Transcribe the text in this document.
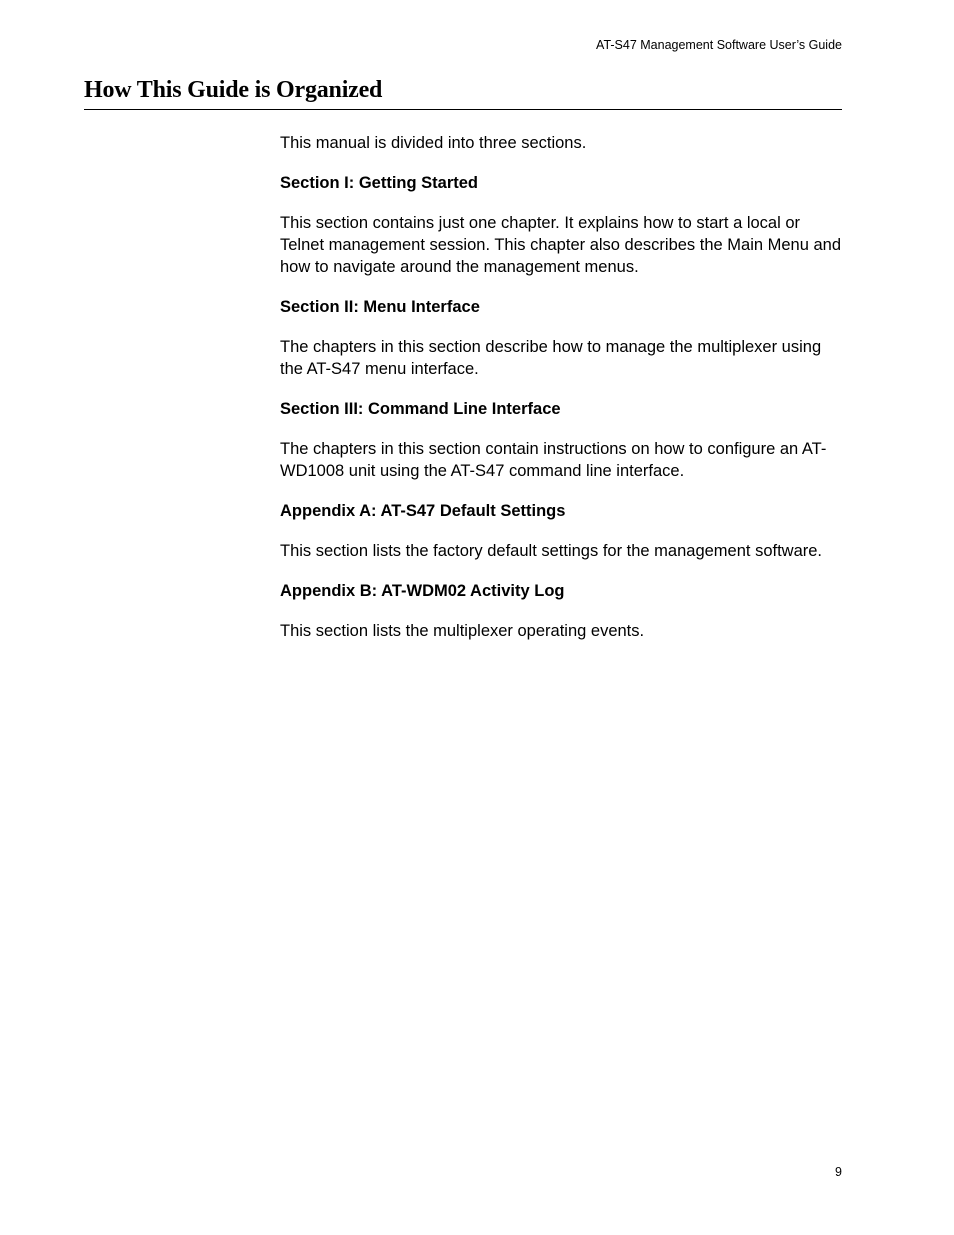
AT-S47 Management Software User’s Guide
How This Guide is Organized

This manual is divided into three sections.

Section I: Getting Started

This section contains just one chapter. It explains how to start a local or Telnet management session. This chapter also describes the Main Menu and how to navigate around the management menus.

Section II: Menu Interface

The chapters in this section describe how to manage the multiplexer using the AT-S47 menu interface.

Section III: Command Line Interface

The chapters in this section contain instructions on how to configure an AT-WD1008 unit using the AT-S47 command line interface.

Appendix A: AT-S47 Default Settings

This section lists the factory default settings for the management software.

Appendix B: AT-WDM02 Activity Log

This section lists the multiplexer operating events.

9
